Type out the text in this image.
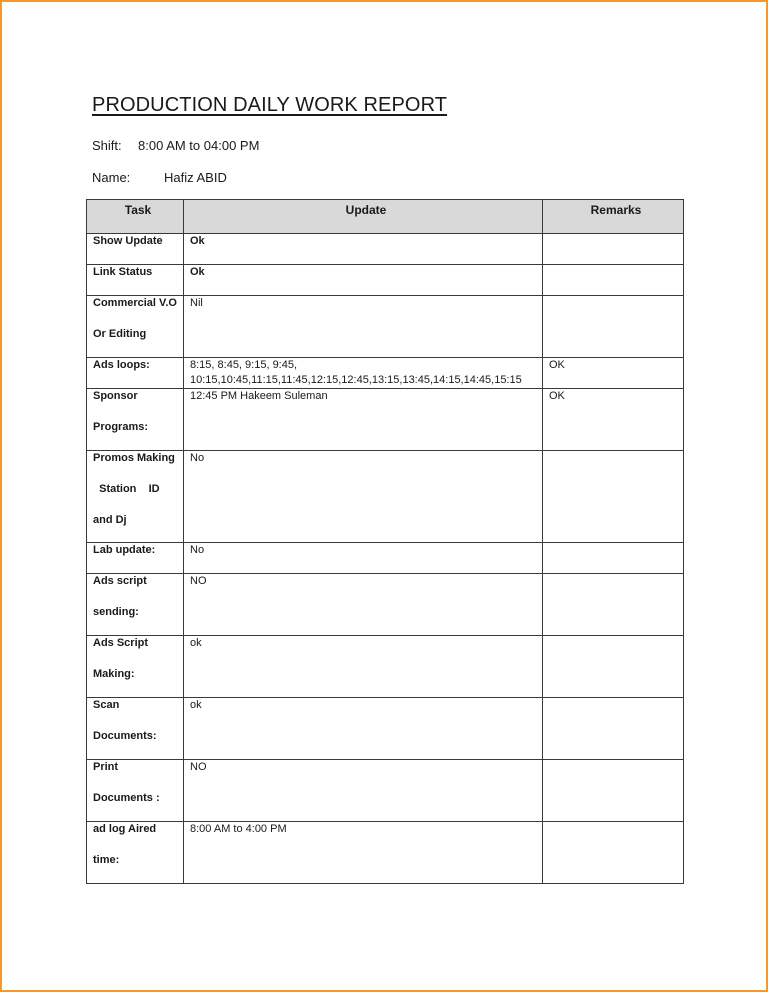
PRODUCTION DAILY WORK REPORT
Shift: 8:00 AM to 04:00 PM
Name:	Hafiz ABID
Task	Update	Remarks

Show Update	Ok	

Link Status	Ok	

Commercial V.O
Or Editing	Nil	

Ads loops:	8:15, 8:45, 9:15, 9:45,
10:15,10:45,11:15,11:45,12:15,12:45,13:15,13:45,14:15,14:45,15:15	OK

Sponsor
Programs:	12:45 PM Hakeem Suleman	OK

Promos Making
Station    ID
and Dj	No	

Lab update:	No	

Ads script
sending:	NO	

Ads Script
Making:	ok	

Scan
Documents:	ok	

Print
Documents :	NO	

ad log Aired
time:	8:00 AM to 4:00 PM	
